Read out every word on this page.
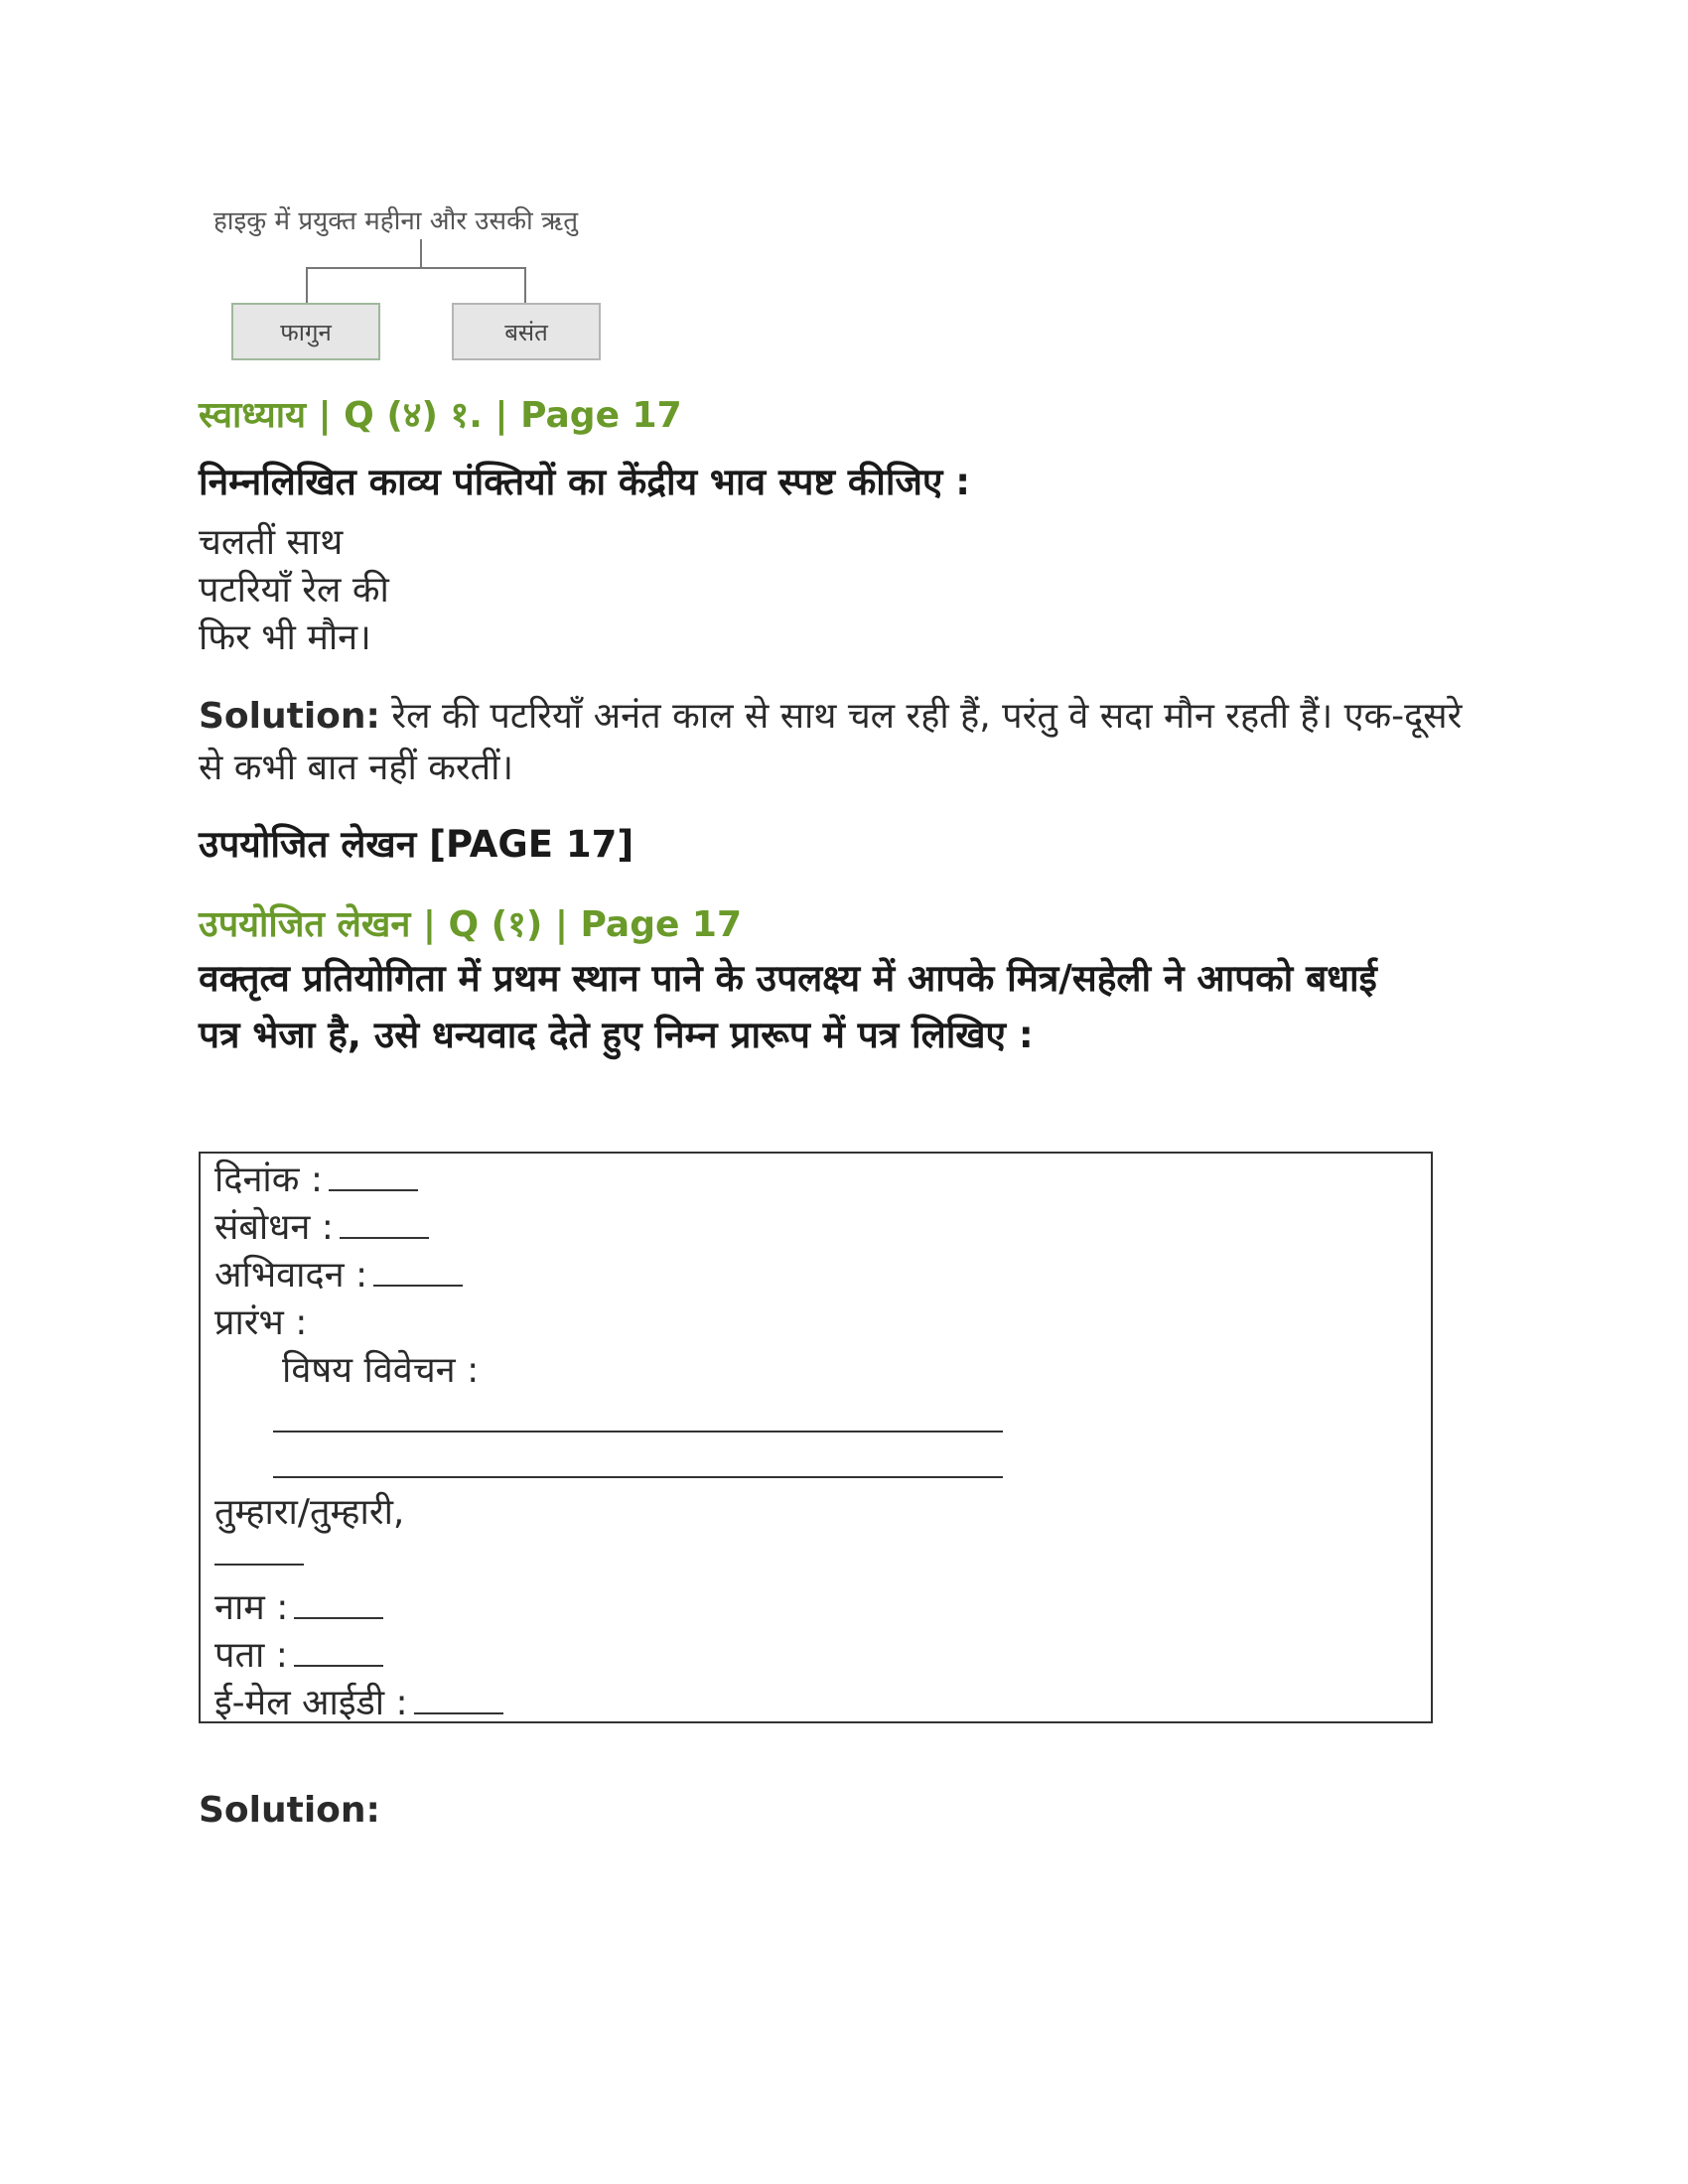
हाइकु में प्रयुक्त महीना और उसकी ऋतु
फागुन	बसंत
स्वाध्याय | Q (४) १. | Page 17
निम्नलिखित काव्य पंक्तियों का केंद्रीय भाव स्पष्ट कीजिए :
चलतीं साथ
पटरियाँ रेल की
फिर भी मौन।
Solution: रेल की पटरियाँ अनंत काल से साथ चल रही हैं, परंतु वे सदा मौन रहती हैं। एक-दूसरे
से कभी बात नहीं करतीं।
उपयोजित लेखन [PAGE 17]
उपयोजित लेखन | Q (१) | Page 17
वक्तृत्व प्रतियोगिता में प्रथम स्थान पाने के उपलक्ष्य में आपके मित्र/सहेली ने आपको बधाई
पत्र भेजा है, उसे धन्यवाद देते हुए निम्न प्रारूप में पत्र लिखिए :
दिनांक :
संबोधन :
अभिवादन :
प्रारंभ :
विषय विवेचन :
तुम्हारा/तुम्हारी,
नाम :
पता :
ई-मेल आईडी :
Solution:
